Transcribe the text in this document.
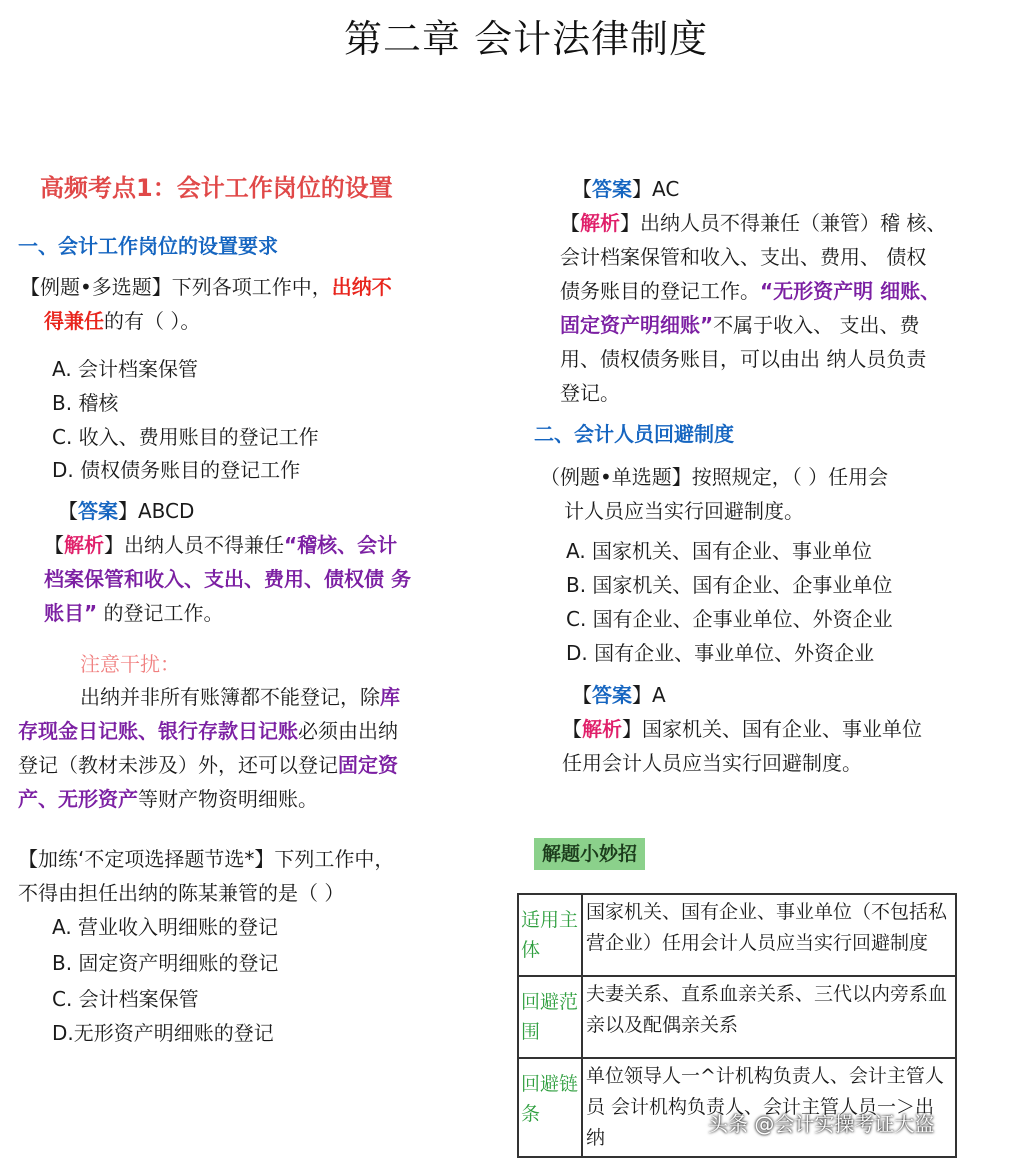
第二章 会计法律制度
高频考点1：会计工作岗位的设置
一、会计工作岗位的设置要求
【例题•多选题】下列各项工作中，出纳不
得兼任的有（ ）。
A. 会计档案保管
B. 稽核
C. 收入、费用账目的登记工作
D. 债权债务账目的登记工作
【答案】ABCD
【解析】出纳人员不得兼任“稽核、会计
档案保管和收入、支出、费用、债权债 务
账目” 的登记工作。
注意干扰：
出纳并非所有账簿都不能登记，除库
存现金日记账、银行存款日记账必须由出纳
登记（教材未涉及）外，还可以登记固定资
产、无形资产等财产物资明细账。
【加练‘不定项选择题节选*】下列工作中，
不得由担任出纳的陈某兼管的是（ ）
A. 营业收入明细账的登记
B. 固定资产明细账的登记
C. 会计档案保管
D.无形资产明细账的登记
【答案】AC
【解析】出纳人员不得兼任（兼管）稽 核、
会计档案保管和收入、支出、费用、 债权
债务账目的登记工作。“无形资产明 细账、
固定资产明细账”不属于收入、 支出、费
用、债权债务账目，可以由出 纳人员负责
登记。
二、会计人员回避制度
（例题•单选题】按照规定，（ ）任用会
计人员应当实行回避制度。
A. 国家机关、国有企业、事业单位
B. 国家机关、国有企业、企事业单位
C. 国有企业、企事业单位、外资企业
D. 国有企业、事业单位、外资企业
【答案】A
【解析】国家机关、国有企业、事业单位
任用会计人员应当实行回避制度。
解题小妙招
适用主体	国家机关、国有企业、事业单位（不包括私 营企业）任用会计人员应当实行回避制度
回避范围	夫妻关系、直系血亲关系、三代以内旁系血 亲以及配偶亲关系
回避链条	单位领导人一^计机构负责人、会计主管人员 会计机构负责人、会计主管人员一＞出纳
头条 @会计实操考证大盗
